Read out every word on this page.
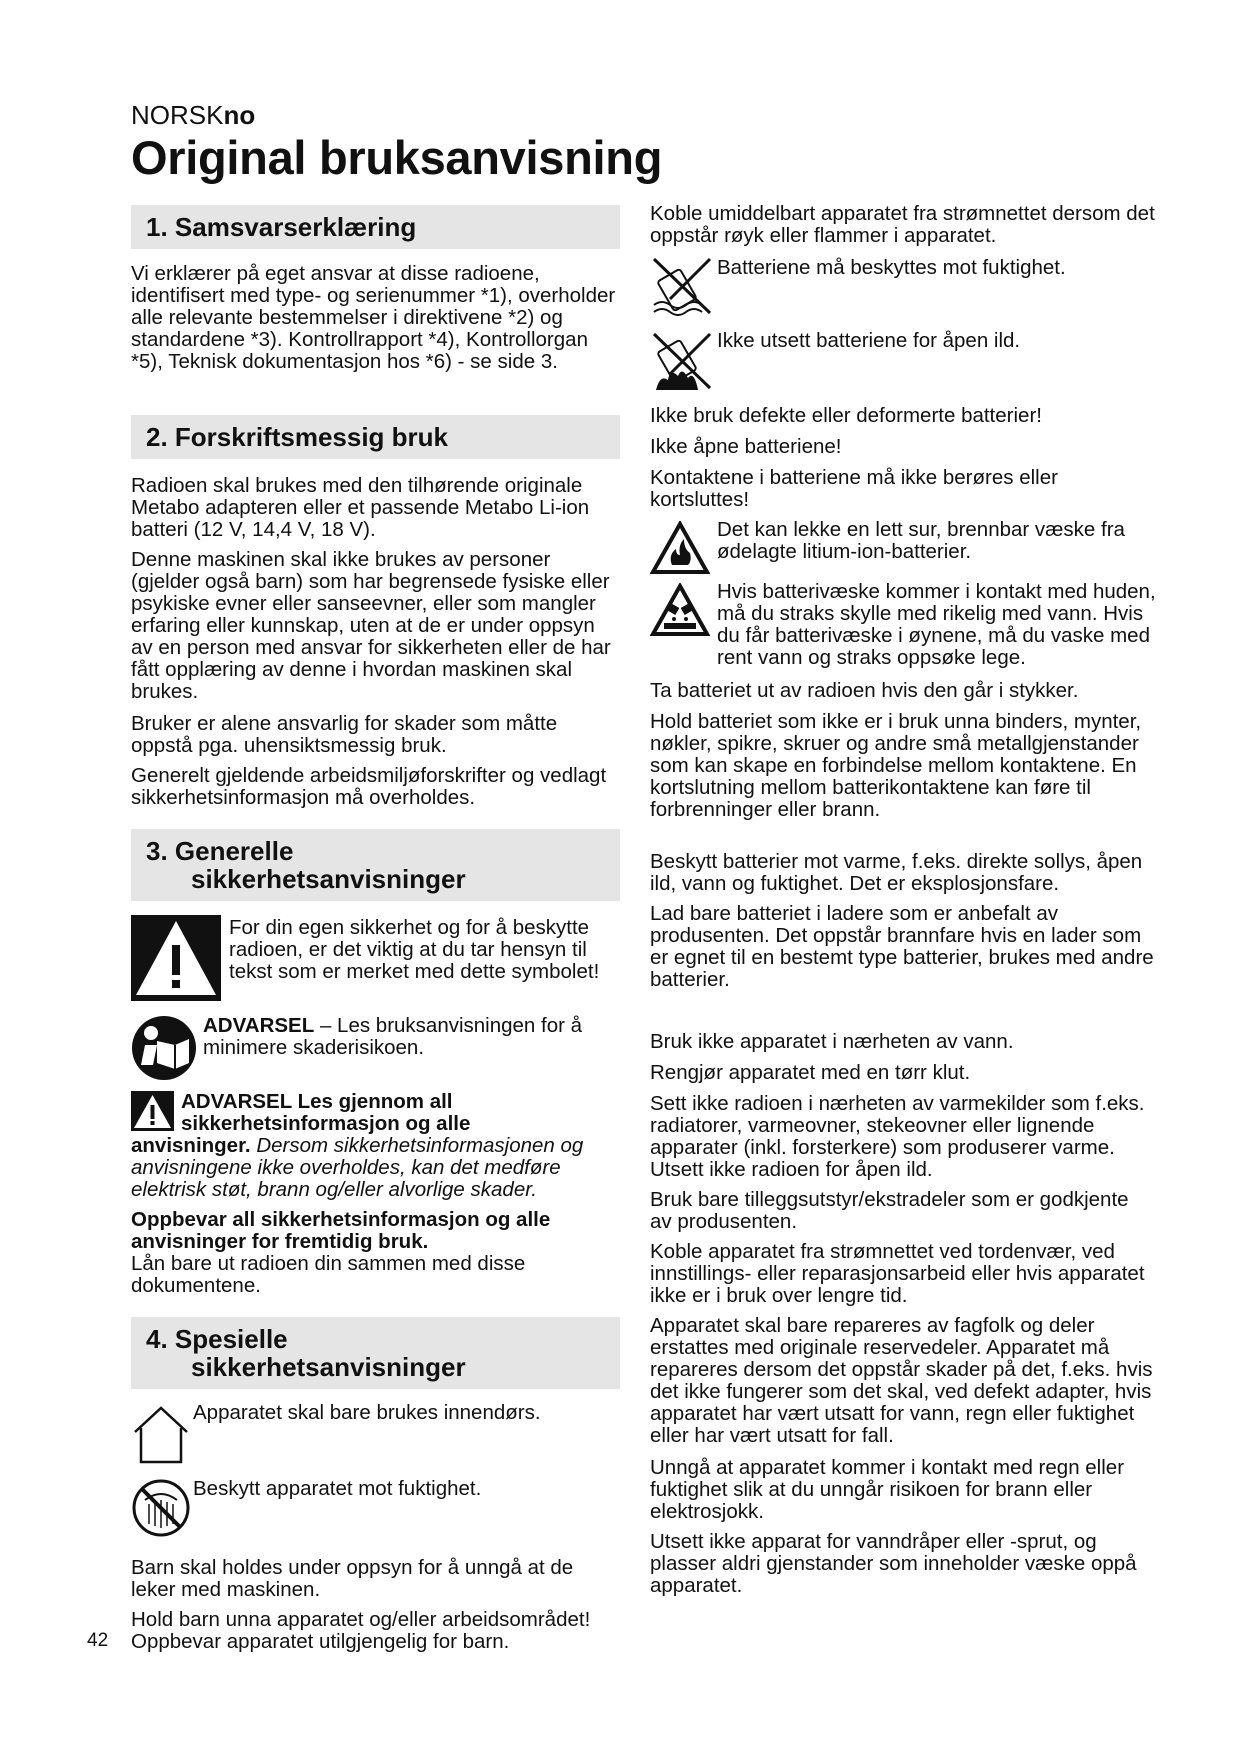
NORSKno
Original bruksanvisning
1. Samsvarserklæring

Vi erklærer på eget ansvar at disse radioene, identifisert med type- og serienummer *1), overholder alle relevante bestemmelser i direktivene *2) og standardene *3). Kontrollrapport *4), Kontrollorgan *5), Teknisk dokumentasjon hos *6) - se side 3.

2. Forskriftsmessig bruk

Radioen skal brukes med den tilhørende originale Metabo adapteren eller et passende Metabo Li-ion batteri (12 V, 14,4 V, 18 V).

Denne maskinen skal ikke brukes av personer (gjelder også barn) som har begrensede fysiske eller psykiske evner eller sanseevner, eller som mangler erfaring eller kunnskap, uten at de er under oppsyn av en person med ansvar for sikkerheten eller de har fått opplæring av denne i hvordan maskinen skal brukes.

Bruker er alene ansvarlig for skader som måtte oppstå pga. uhensiktsmessig bruk.

Generelt gjeldende arbeidsmiljøforskrifter og vedlagt sikkerhetsinformasjon må overholdes.

3. Generelle
sikkerhetsanvisninger

For din egen sikkerhet og for å beskytte radioen, er det viktig at du tar hensyn til tekst som er merket med dette symbolet!

ADVARSEL – Les bruksanvisningen for å minimere skaderisikoen.

ADVARSEL Les gjennom all

sikkerhetsinformasjon og alle

anvisninger. Dersom sikkerhetsinformasjonen og anvisningene ikke overholdes, kan det medføre elektrisk støt, brann og/eller alvorlige skader.

Oppbevar all sikkerhetsinformasjon og alle anvisninger for fremtidig bruk.

Lån bare ut radioen din sammen med disse dokumentene.

4. Spesielle
sikkerhetsanvisninger

Apparatet skal bare brukes innendørs.

Beskytt apparatet mot fuktighet.

Barn skal holdes under oppsyn for å unngå at de leker med maskinen.

Hold barn unna apparatet og/eller arbeidsområdet!

Oppbevar apparatet utilgjengelig for barn.

42

Koble umiddelbart apparatet fra strømnettet dersom det oppstår røyk eller flammer i apparatet.

Batteriene må beskyttes mot fuktighet.

Ikke utsett batteriene for åpen ild.

Ikke bruk defekte eller deformerte batterier!

Ikke åpne batteriene!

Kontaktene i batteriene må ikke berøres eller kortsluttes!

Det kan lekke en lett sur, brennbar væske fra ødelagte litium-ion-batterier.

Hvis batterivæske kommer i kontakt med huden, må du straks skylle med rikelig med vann. Hvis du får batterivæske i øynene, må du vaske med rent vann og straks oppsøke lege.

Ta batteriet ut av radioen hvis den går i stykker.

Hold batteriet som ikke er i bruk unna binders, mynter, nøkler, spikre, skruer og andre små metallgjenstander som kan skape en forbindelse mellom kontaktene. En kortslutning mellom batterikontaktene kan føre til forbrenninger eller brann.

Beskytt batterier mot varme, f.eks. direkte sollys, åpen ild, vann og fuktighet. Det er eksplosjonsfare.

Lad bare batteriet i ladere som er anbefalt av produsenten. Det oppstår brannfare hvis en lader som er egnet til en bestemt type batterier, brukes med andre batterier.

Bruk ikke apparatet i nærheten av vann.

Rengjør apparatet med en tørr klut.

Sett ikke radioen i nærheten av varmekilder som f.eks. radiatorer, varmeovner, stekeovner eller lignende apparater (inkl. forsterkere) som produserer varme. Utsett ikke radioen for åpen ild.

Bruk bare tilleggsutstyr/ekstradeler som er godkjente av produsenten.

Koble apparatet fra strømnettet ved tordenvær, ved innstillings- eller reparasjonsarbeid eller hvis apparatet ikke er i bruk over lengre tid.

Apparatet skal bare repareres av fagfolk og deler erstattes med originale reservedeler. Apparatet må repareres dersom det oppstår skader på det, f.eks. hvis det ikke fungerer som det skal, ved defekt adapter, hvis apparatet har vært utsatt for vann, regn eller fuktighet eller har vært utsatt for fall.

Unngå at apparatet kommer i kontakt med regn eller fuktighet slik at du unngår risikoen for brann eller elektrosjokk.

Utsett ikke apparat for vanndråper eller -sprut, og plasser aldri gjenstander som inneholder væske oppå apparatet.
